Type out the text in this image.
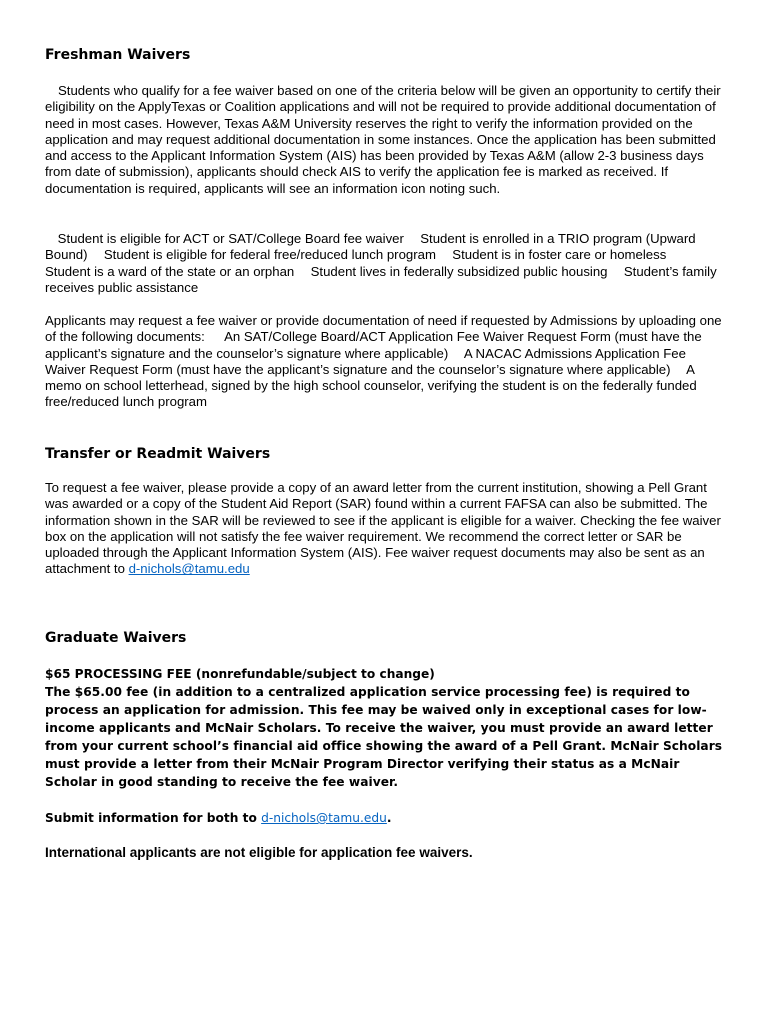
Freshman Waivers

Students who qualify for a fee waiver based on one of the criteria below will be given an opportunity to certify their eligibility on the ApplyTexas or Coalition applications and will not be required to provide additional documentation of need in most cases. However, Texas A&M University reserves the right to verify the information provided on the application and may request additional documentation in some instances. Once the application has been submitted and access to the Applicant Information System (AIS) has been provided by Texas A&M (allow 2-3 business days from date of submission), applicants should check AIS to verify the application fee is marked as received. If documentation is required, applicants will see an information icon noting such.

Student is eligible for ACT or SAT/College Board fee waiver Student is enrolled in a TRIO program (Upward Bound) Student is eligible for federal free/reduced lunch program Student is in foster care or homeless  Student is a ward of the state or an orphan Student lives in federally subsidized public housing Student’s family receives public assistance

Applicants may request a fee waiver or provide documentation of need if requested by Admissions by uploading one of the following documents: An SAT/College Board/ACT Application Fee Waiver Request Form (must have the applicant’s signature and the counselor’s signature where applicable) A NACAC Admissions Application Fee Waiver Request Form (must have the applicant’s signature and the counselor’s signature where applicable) A memo on school letterhead, signed by the high school counselor, verifying the student is on the federally funded free/reduced lunch program

Transfer or Readmit Waivers

To request a fee waiver, please provide a copy of an award letter from the current institution, showing a Pell Grant was awarded or a copy of the Student Aid Report (SAR) found within a current FAFSA can also be submitted. The information shown in the SAR will be reviewed to see if the applicant is eligible for a waiver. Checking the fee waiver box on the application will not satisfy the fee waiver requirement. We recommend the correct letter or SAR be uploaded through the Applicant Information System (AIS). Fee waiver request documents may also be sent as an attachment to d-nichols@tamu.edu

Graduate Waivers

$65 PROCESSING FEE (nonrefundable/subject to change)

The $65.00 fee (in addition to a centralized application service processing fee) is required to process an application for admission. This fee may be waived only in exceptional cases for low-income applicants and McNair Scholars. To receive the waiver, you must provide an award letter from your current school’s financial aid office showing the award of a Pell Grant. McNair Scholars must provide a letter from their McNair Program Director verifying their status as a McNair Scholar in good standing to receive the fee waiver.

Submit information for both to d-nichols@tamu.edu.

International applicants are not eligible for application fee waivers.
